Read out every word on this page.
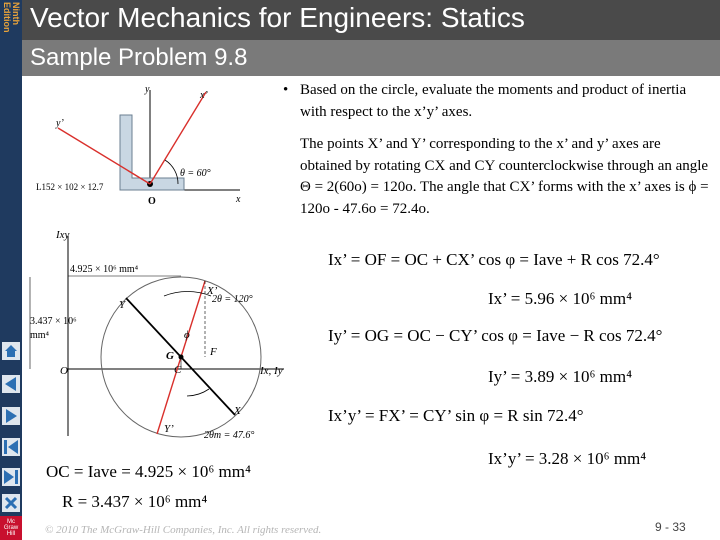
Ninth
Edition
Mc
Graw
Hill
Vector Mechanics for Engineers: Statics
Sample Problem 9.8
y
x
x’
y’
θ = 60°
O
L152 × 102 × 12.7
Ixy
4.925 × 10⁶ mm⁴
3.437 × 10⁶
mm⁴
2θ = 120°
2θm = 47.6°
Ix, Iy
O
G
C
F
ϕ
X
Y
X’
Y’
• Based on the circle, evaluate the moments and product of inertia with respect to the x’y’ axes.
The points X’ and Y’ corresponding to the x’ and y’ axes are obtained by rotating CX and CY counterclockwise through an angle Θ = 2(60o) = 120o. The angle that CX’ forms with the x’ axes is ϕ = 120o - 47.6o = 72.4o.
Ix’ = OF = OC + CX’ cos φ = Iave + R cos 72.4°
Ix’ = 5.96 × 10⁶ mm⁴
Iy’ = OG = OC − CY’ cos φ = Iave − R cos 72.4°
Iy’ = 3.89 × 10⁶ mm⁴
Ix’y’ = FX’ = CY’ sin φ = R sin 72.4°
Ix’y’ = 3.28 × 10⁶ mm⁴
OC = Iave = 4.925 × 10⁶ mm⁴
R = 3.437 × 10⁶ mm⁴
© 2010 The McGraw-Hill Companies, Inc. All rights reserved.	9 - 33
